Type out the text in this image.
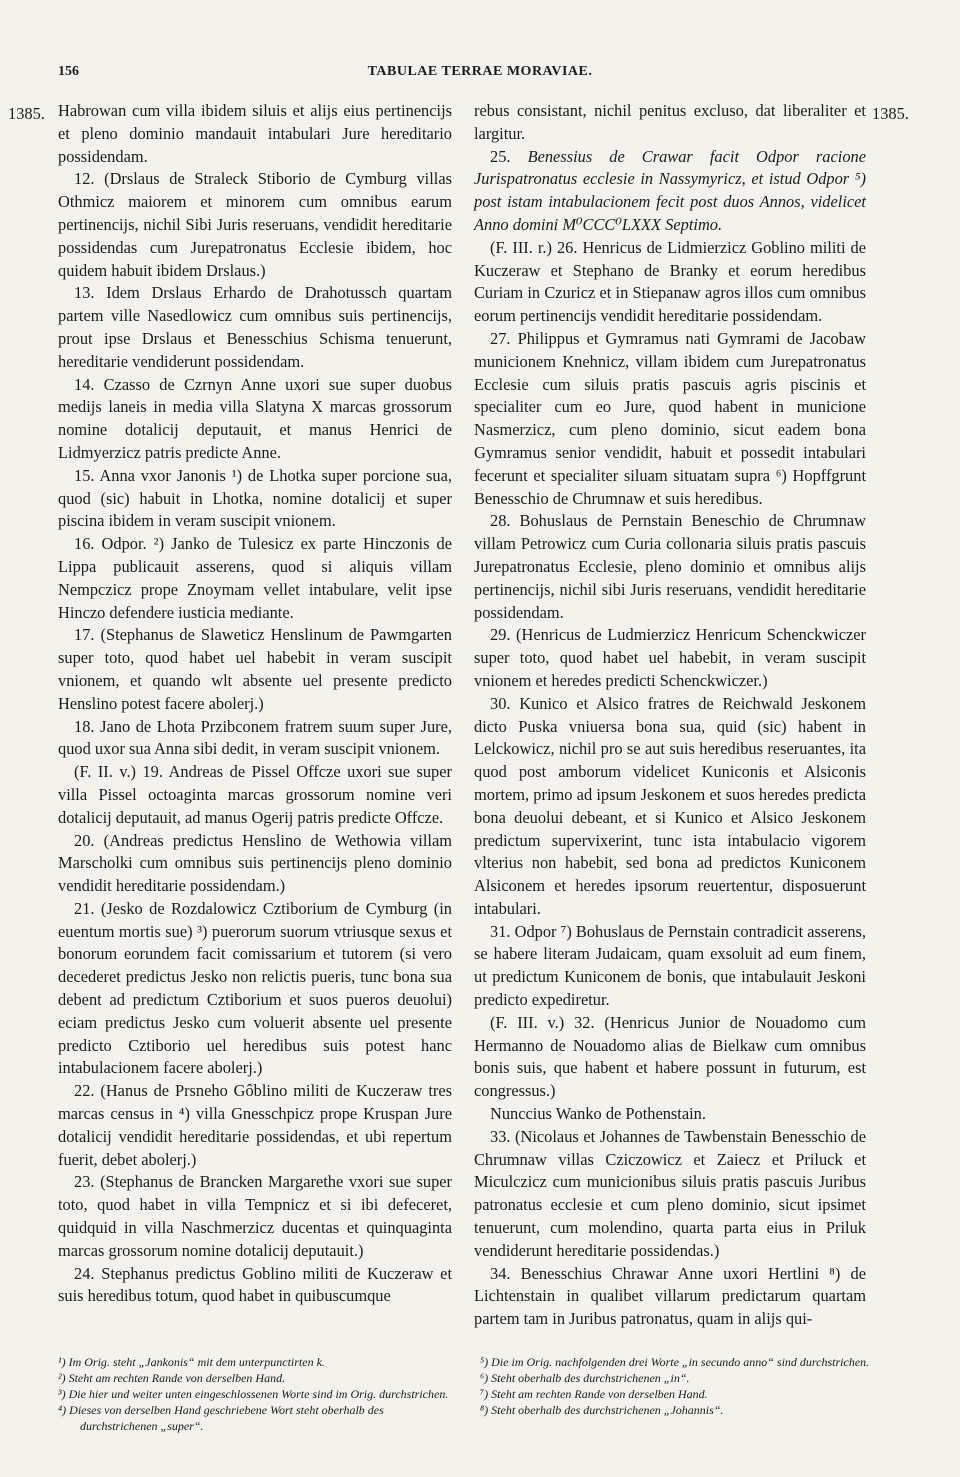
156	TABULAE TERRAE MORAVIAE.
1385.	1385.

Habrowan cum villa ibidem siluis et alijs eius pertinencijs et pleno dominio mandauit intabulari Jure hereditario possidendam.

12. (Drslaus de Straleck Stiborio de Cymburg villas Othmicz maiorem et minorem cum omnibus earum pertinencijs, nichil Sibi Juris reseruans, vendidit hereditarie possidendas cum Jurepatronatus Ecclesie ibidem, hoc quidem habuit ibidem Drslaus.)

13. Idem Drslaus Erhardo de Drahotussch quartam partem ville Nasedlowicz cum omnibus suis pertinencijs, prout ipse Drslaus et Benesschius Schisma tenuerunt, hereditarie vendiderunt possidendam.

14. Czasso de Czrnyn Anne uxori sue super duobus medijs laneis in media villa Slatyna X marcas grossorum nomine dotalicij deputauit, et manus Henrici de Lidmyerzicz patris predicte Anne.

15. Anna vxor Janonis ¹) de Lhotka super porcione sua, quod (sic) habuit in Lhotka, nomine dotalicij et super piscina ibidem in veram suscipit vnionem.

16. Odpor. ²) Janko de Tulesicz ex parte Hinczonis de Lippa publicauit asserens, quod si aliquis villam Nempczicz prope Znoymam vellet intabulare, velit ipse Hinczo defendere iusticia mediante.

17. (Stephanus de Slaweticz Henslinum de Pawmgarten super toto, quod habet uel habebit in veram suscipit vnionem, et quando wlt absente uel presente predicto Henslino potest facere abolerj.)

18. Jano de Lhota Przibconem fratrem suum super Jure, quod uxor sua Anna sibi dedit, in veram suscipit vnionem.

(F. II. v.) 19. Andreas de Pissel Offcze uxori sue super villa Pissel octoaginta marcas grossorum nomine veri dotalicij deputauit, ad manus Ogerij patris predicte Offcze.

20. (Andreas predictus Henslino de Wethowia villam Marscholki cum omnibus suis pertinencijs pleno dominio vendidit hereditarie possidendam.)

21. (Jesko de Rozdalowicz Cztiborium de Cymburg (in euentum mortis sue) ³) puerorum suorum vtriusque sexus et bonorum eorundem facit comissarium et tutorem (si vero decederet predictus Jesko non relictis pueris, tunc bona sua debent ad predictum Cztiborium et suos pueros deuolui) eciam predictus Jesko cum voluerit absente uel presente predicto Cztiborio uel heredibus suis potest hanc intabulacionem facere abolerj.)

22. (Hanus de Prsneho Gôblino militi de Kuczeraw tres marcas census in ⁴) villa Gnesschpicz prope Kruspan Jure dotalicij vendidit hereditarie possidendas, et ubi repertum fuerit, debet abolerj.)

23. (Stephanus de Brancken Margarethe vxori sue super toto, quod habet in villa Tempnicz et si ibi defeceret, quidquid in villa Naschmerzicz ducentas et quinquaginta marcas grossorum nomine dotalicij deputauit.)

24. Stephanus predictus Goblino militi de Kuczeraw et suis heredibus totum, quod habet in quibuscumque

rebus consistant, nichil penitus excluso, dat liberaliter et largitur.

25. Benessius de Crawar facit Odpor racione Jurispatronatus ecclesie in Nassymyricz, et istud Odpor ⁵) post istam intabulacionem fecit post duos Annos, videlicet Anno domini M⁰CCC⁰LXXX Septimo.

(F. III. r.) 26. Henricus de Lidmierzicz Goblino militi de Kuczeraw et Stephano de Branky et eorum heredibus Curiam in Czuricz et in Stiepanaw agros illos cum omnibus eorum pertinencijs vendidit hereditarie possidendam.

27. Philippus et Gymramus nati Gymrami de Jacobaw municionem Knehnicz, villam ibidem cum Jurepatronatus Ecclesie cum siluis pratis pascuis agris piscinis et specialiter cum eo Jure, quod habent in municione Nasmerzicz, cum pleno dominio, sicut eadem bona Gymramus senior vendidit, habuit et possedit intabulari fecerunt et specialiter siluam situatam supra ⁶) Hopffgrunt Benesschio de Chrumnaw et suis heredibus.

28. Bohuslaus de Pernstain Beneschio de Chrumnaw villam Petrowicz cum Curia collonaria siluis pratis pascuis Jurepatronatus Ecclesie, pleno dominio et omnibus alijs pertinencijs, nichil sibi Juris reseruans, vendidit hereditarie possidendam.

29. (Henricus de Ludmierzicz Henricum Schenckwiczer super toto, quod habet uel habebit, in veram suscipit vnionem et heredes predicti Schenckwiczer.)

30. Kunico et Alsico fratres de Reichwald Jeskonem dicto Puska vniuersa bona sua, quid (sic) habent in Lelckowicz, nichil pro se aut suis heredibus reseruantes, ita quod post amborum videlicet Kuniconis et Alsiconis mortem, primo ad ipsum Jeskonem et suos heredes predicta bona deuolui debeant, et si Kunico et Alsico Jeskonem predictum supervixerint, tunc ista intabulacio vigorem vlterius non habebit, sed bona ad predictos Kuniconem Alsiconem et heredes ipsorum reuertentur, disposuerunt intabulari.

31. Odpor ⁷) Bohuslaus de Pernstain contradicit asserens, se habere literam Judaicam, quam exsoluit ad eum finem, ut predictum Kuniconem de bonis, que intabulauit Jeskoni predicto expediretur.

(F. III. v.) 32. (Henricus Junior de Nouadomo cum Hermanno de Nouadomo alias de Bielkaw cum omnibus bonis suis, que habent et habere possunt in futurum, est congressus.)

Nunccius Wanko de Pothenstain.

33. (Nicolaus et Johannes de Tawbenstain Benesschio de Chrumnaw villas Cziczowicz et Zaiecz et Priluck et Miculczicz cum municionibus siluis pratis pascuis Juribus patronatus ecclesie et cum pleno dominio, sicut ipsimet tenuerunt, cum molendino, quarta parta eius in Priluk vendiderunt hereditarie possidendas.)

34. Benesschius Chrawar Anne uxori Hertlini ⁸) de Lichtenstain in qualibet villarum predictarum quartam partem tam in Juribus patronatus, quam in alijs qui-

¹) Im Orig. steht „Jankonis“ mit dem unterpunctirten k.
²) Steht am rechten Rande von derselben Hand.
³) Die hier und weiter unten eingeschlossenen Worte sind im Orig. durchstrichen.
⁴) Dieses von derselben Hand geschriebene Wort steht oberhalb des durchstrichenen „super“.
⁵) Die im Orig. nachfolgenden drei Worte „in secundo anno“ sind durchstrichen.
⁶) Steht oberhalb des durchstrichenen „in“.
⁷) Steht am rechten Rande von derselben Hand.
⁸) Steht oberhalb des durchstrichenen „Johannis“.
